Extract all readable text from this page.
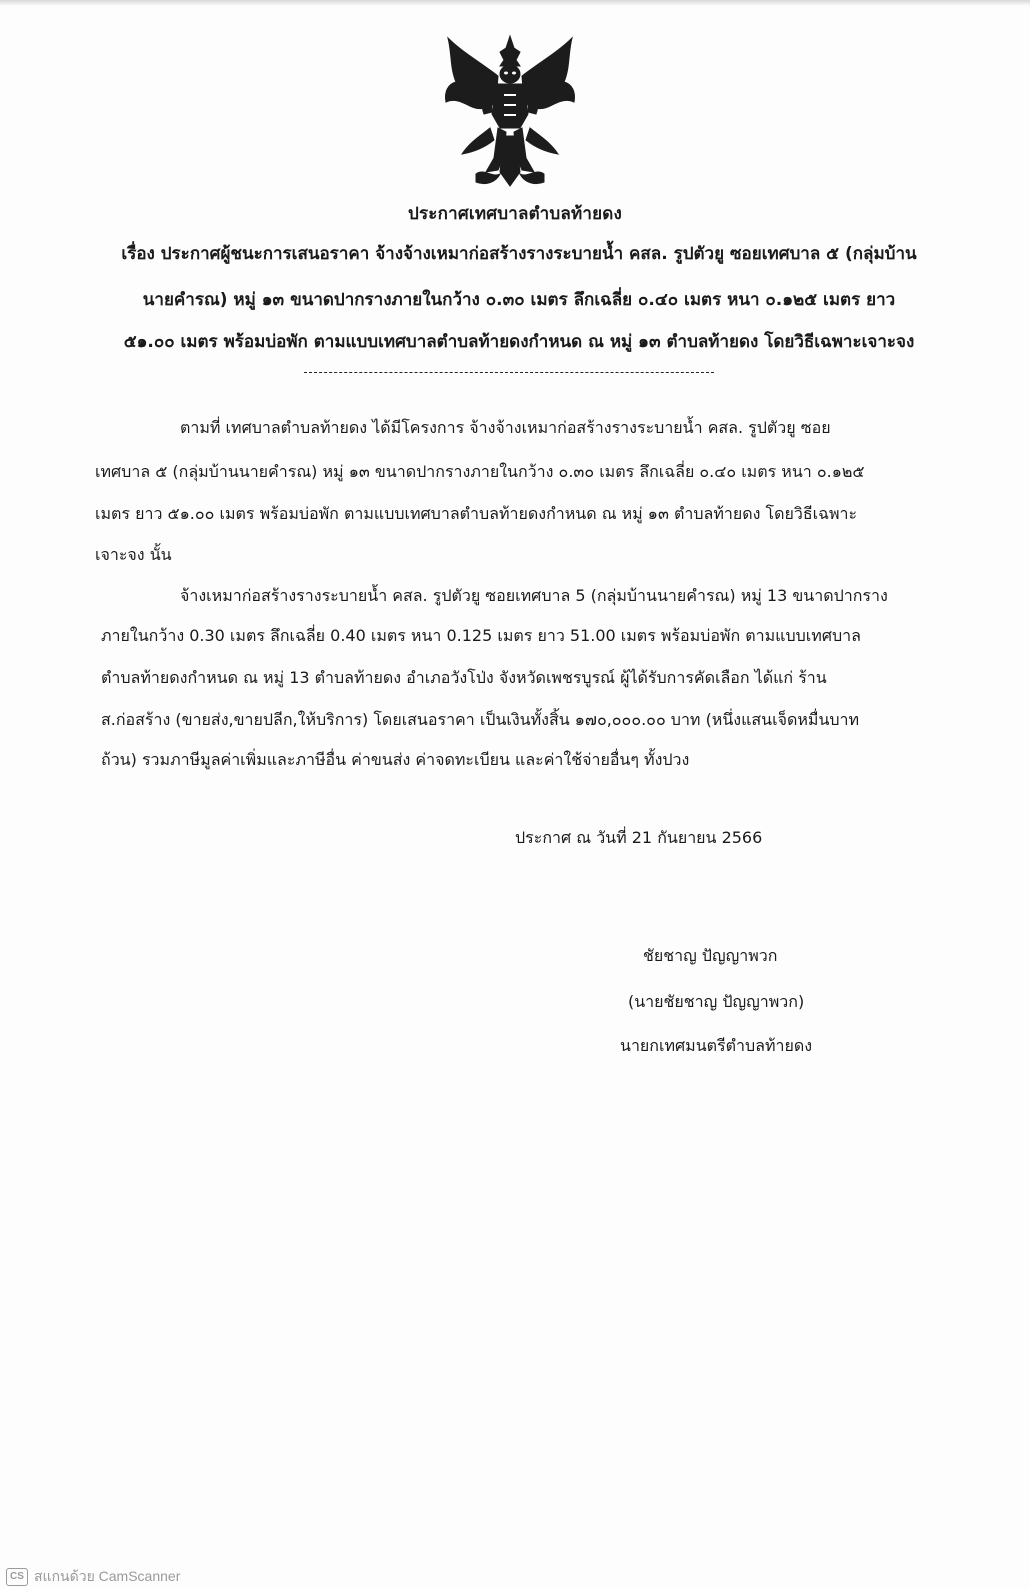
ประกาศเทศบาลตำบลท้ายดง
เรื่อง ประกาศผู้ชนะการเสนอราคา จ้างจ้างเหมาก่อสร้างรางระบายน้ำ คสล. รูปตัวยู ซอยเทศบาล ๕ (กลุ่มบ้าน
นายคำรณ) หมู่ ๑๓ ขนาดปากรางภายในกว้าง ๐.๓๐ เมตร ลึกเฉลี่ย ๐.๔๐ เมตร หนา ๐.๑๒๕ เมตร ยาว
๕๑.๐๐ เมตร พร้อมบ่อพัก ตามแบบเทศบาลตำบลท้ายดงกำหนด ณ หมู่ ๑๓ ตำบลท้ายดง โดยวิธีเฉพาะเจาะจง
ตามที่ เทศบาลตำบลท้ายดง ได้มีโครงการ จ้างจ้างเหมาก่อสร้างรางระบายน้ำ คสล. รูปตัวยู ซอย
เทศบาล ๕ (กลุ่มบ้านนายคำรณ) หมู่ ๑๓ ขนาดปากรางภายในกว้าง ๐.๓๐ เมตร ลึกเฉลี่ย ๐.๔๐ เมตร หนา ๐.๑๒๕
เมตร ยาว ๕๑.๐๐ เมตร พร้อมบ่อพัก ตามแบบเทศบาลตำบลท้ายดงกำหนด ณ หมู่ ๑๓ ตำบลท้ายดง โดยวิธีเฉพาะ
เจาะจง นั้น
จ้างเหมาก่อสร้างรางระบายน้ำ คสล. รูปตัวยู ซอยเทศบาล 5 (กลุ่มบ้านนายคำรณ) หมู่ 13 ขนาดปากราง
ภายในกว้าง 0.30 เมตร ลึกเฉลี่ย 0.40 เมตร หนา 0.125 เมตร ยาว 51.00 เมตร พร้อมบ่อพัก ตามแบบเทศบาล
ตำบลท้ายดงกำหนด ณ หมู่ 13 ตำบลท้ายดง อำเภอวังโป่ง จังหวัดเพชรบูรณ์ ผู้ได้รับการคัดเลือก ได้แก่ ร้าน
ส.ก่อสร้าง (ขายส่ง,ขายปลีก,ให้บริการ) โดยเสนอราคา เป็นเงินทั้งสิ้น ๑๗๐,๐๐๐.๐๐ บาท (หนึ่งแสนเจ็ดหมื่นบาท
ถ้วน) รวมภาษีมูลค่าเพิ่มและภาษีอื่น ค่าขนส่ง ค่าจดทะเบียน และค่าใช้จ่ายอื่นๆ ทั้งปวง
ประกาศ ณ วันที่ 21 กันยายน 2566
ชัยชาญ ปัญญาพวก
(นายชัยชาญ ปัญญาพวก)
นายกเทศมนตรีตำบลท้ายดง
CS สแกนด้วย CamScanner
